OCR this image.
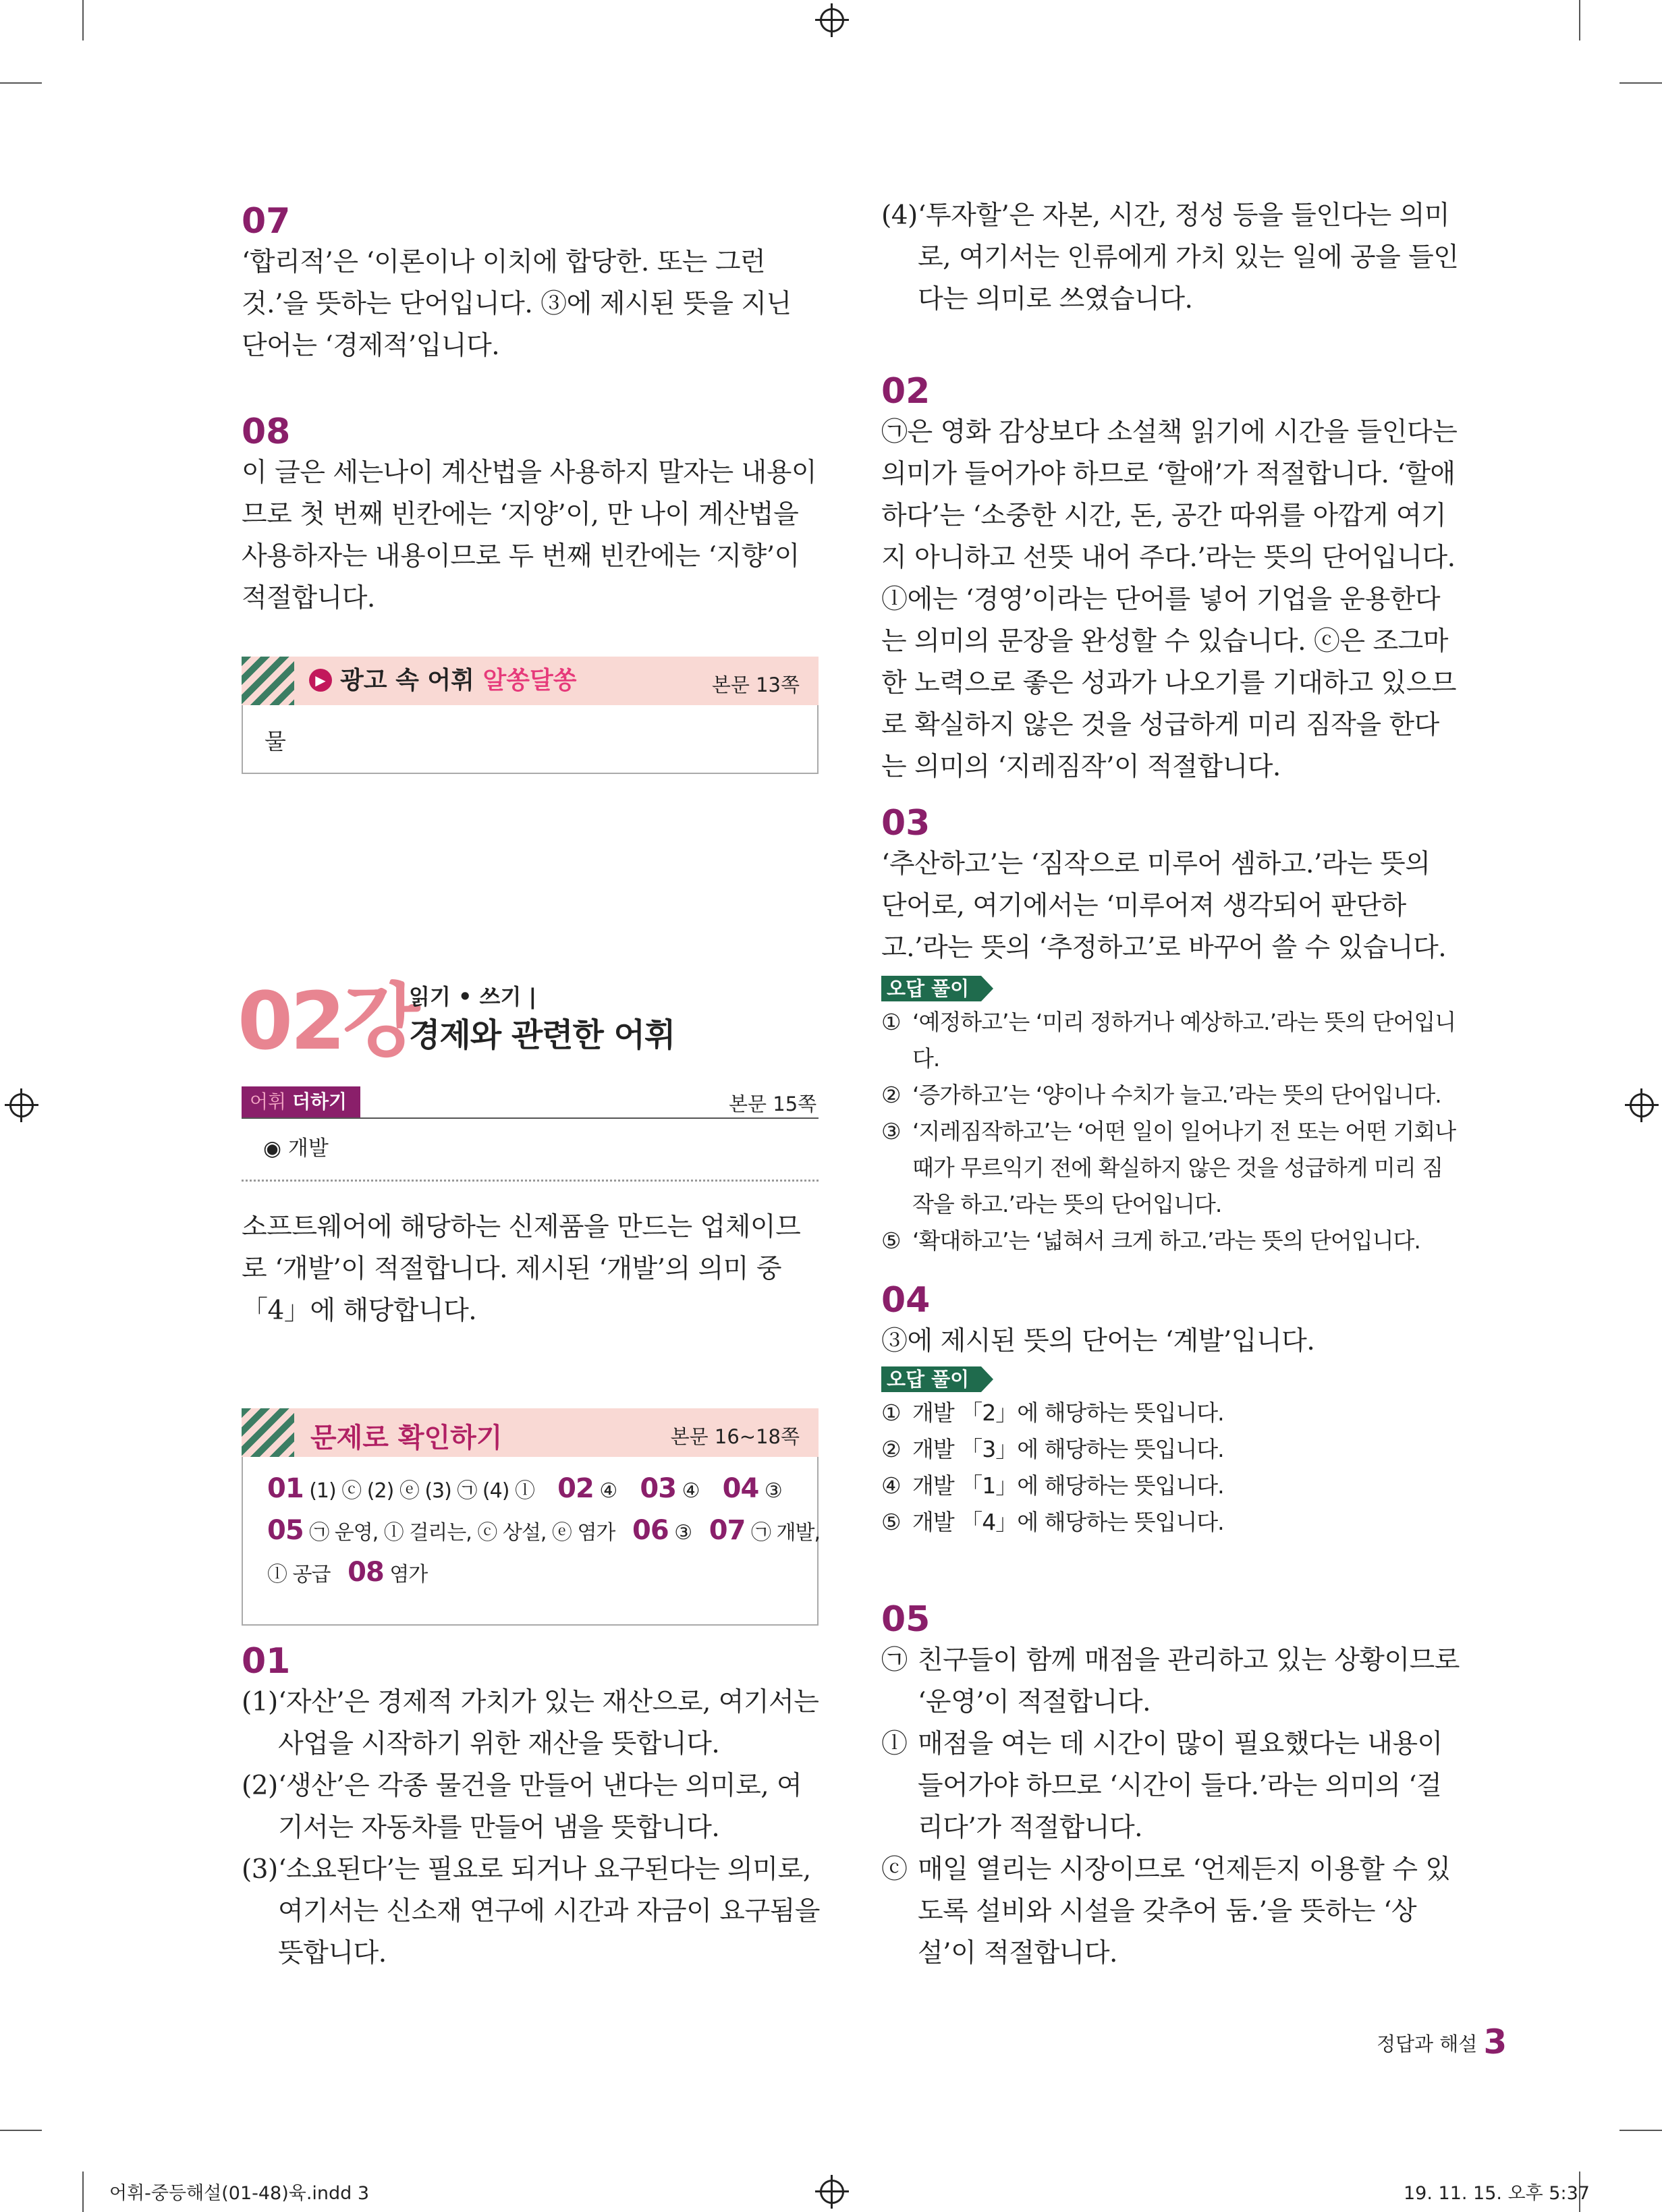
07

‘합리적’은 ‘이론이나 이치에 합당한. 또는 그런 것.’을 뜻하는 단어입니다. ③에 제시된 뜻을 지닌 단어는 ‘경제적’입니다.

08

이 글은 세는나이 계산법을 사용하지 말자는 내용이므로 첫 번째 빈칸에는 ‘지양’이, 만 나이 계산법을 사용하자는 내용이므로 두 번째 빈칸에는 ‘지향’이 적절합니다.

▶ 광고 속 어휘 알쏭달쏭	본문 13쪽
물
02강
읽기 • 쓰기 |
경제와 관련한 어휘
어휘 더하기	본문 15쪽
◉ 개발

소프트웨어에 해당하는 신제품을 만드는 업체이므로 ‘개발’이 적절합니다. 제시된 ‘개발’의 의미 중 「4」에 해당합니다.

문제로 확인하기	본문 16~18쪽
01 (1) ⓒ (2) ⓔ (3) ㉠ (4) ⓛ 02 ④ 03 ④ 04 ③
05 ㉠ 운영, ⓛ 걸리는, ⓒ 상설, ⓔ 염가 06 ③ 07 ㉠ 개발,
ⓛ 공급 08 염가

01

(1) ‘자산’은 경제적 가치가 있는 재산으로, 여기서는 사업을 시작하기 위한 재산을 뜻합니다.
(2) ‘생산’은 각종 물건을 만들어 낸다는 의미로, 여기서는 자동차를 만들어 냄을 뜻합니다.
(3) ‘소요된다’는 필요로 되거나 요구된다는 의미로, 여기서는 신소재 연구에 시간과 자금이 요구됨을 뜻합니다.
(4) ‘투자할’은 자본, 시간, 정성 등을 들인다는 의미로, 여기서는 인류에게 가치 있는 일에 공을 들인다는 의미로 쓰였습니다.

02

㉠은 영화 감상보다 소설책 읽기에 시간을 들인다는 의미가 들어가야 하므로 ‘할애’가 적절합니다. ‘할애하다’는 ‘소중한 시간, 돈, 공간 따위를 아깝게 여기지 아니하고 선뜻 내어 주다.’라는 뜻의 단어입니다. ⓛ에는 ‘경영’이라는 단어를 넣어 기업을 운용한다는 의미의 문장을 완성할 수 있습니다. ⓒ은 조그마한 노력으로 좋은 성과가 나오기를 기대하고 있으므로 확실하지 않은 것을 성급하게 미리 짐작을 한다는 의미의 ‘지레짐작’이 적절합니다.

03

‘추산하고’는 ‘짐작으로 미루어 셈하고.’라는 뜻의 단어로, 여기에서는 ‘미루어져 생각되어 판단하고.’라는 뜻의 ‘추정하고’로 바꾸어 쓸 수 있습니다.

오답 풀이
① ‘예정하고’는 ‘미리 정하거나 예상하고.’라는 뜻의 단어입니다.
② ‘증가하고’는 ‘양이나 수치가 늘고.’라는 뜻의 단어입니다.
③ ‘지레짐작하고’는 ‘어떤 일이 일어나기 전 또는 어떤 기회나 때가 무르익기 전에 확실하지 않은 것을 성급하게 미리 짐작을 하고.’라는 뜻의 단어입니다.
⑤ ‘확대하고’는 ‘넓혀서 크게 하고.’라는 뜻의 단어입니다.

04

③에 제시된 뜻의 단어는 ‘계발’입니다.

오답 풀이
① 개발 「2」에 해당하는 뜻입니다.
② 개발 「3」에 해당하는 뜻입니다.
④ 개발 「1」에 해당하는 뜻입니다.
⑤ 개발 「4」에 해당하는 뜻입니다.

05

㉠ 친구들이 함께 매점을 관리하고 있는 상황이므로 ‘운영’이 적절합니다.
ⓛ 매점을 여는 데 시간이 많이 필요했다는 내용이 들어가야 하므로 ‘시간이 들다.’라는 의미의 ‘걸리다’가 적절합니다.
ⓒ 매일 열리는 시장이므로 ‘언제든지 이용할 수 있도록 설비와 시설을 갖추어 둠.’을 뜻하는 ‘상설’이 적절합니다.
정답과 해설 3
어휘-중등해설(01-48)육.indd 3	19. 11. 15. 오후 5:37
